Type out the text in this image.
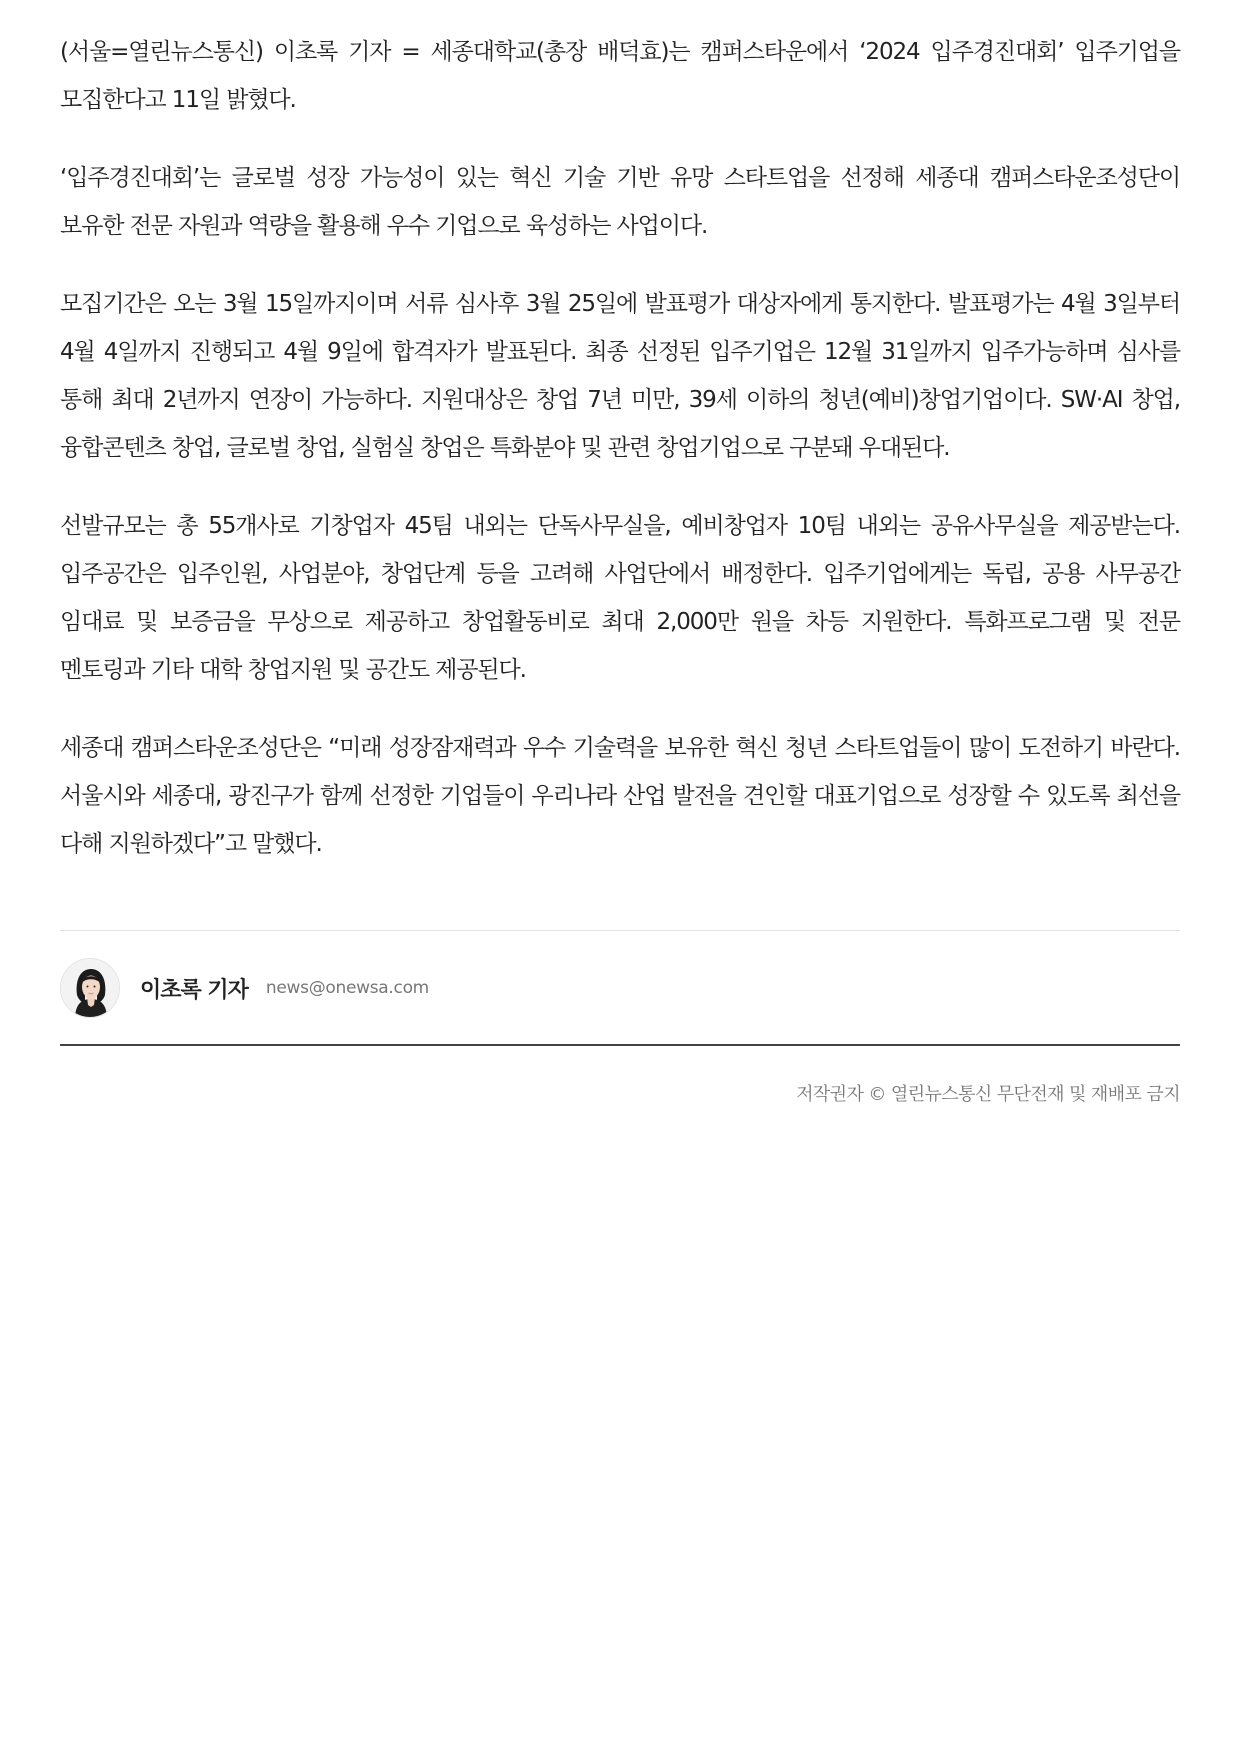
(서울=열린뉴스통신) 이초록 기자 = 세종대학교(총장 배덕효)는 캠퍼스타운에서 ‘2024 입주경진대회’ 입주기업을 모집한다고 11일 밝혔다.

‘입주경진대회’는 글로벌 성장 가능성이 있는 혁신 기술 기반 유망 스타트업을 선정해 세종대 캠퍼스타운조성단이 보유한 전문 자원과 역량을 활용해 우수 기업으로 육성하는 사업이다.

모집기간은 오는 3월 15일까지이며 서류 심사후 3월 25일에 발표평가 대상자에게 통지한다. 발표평가는 4월 3일부터 4월 4일까지 진행되고 4월 9일에 합격자가 발표된다. 최종 선정된 입주기업은 12월 31일까지 입주가능하며 심사를 통해 최대 2년까지 연장이 가능하다. 지원대상은 창업 7년 미만, 39세 이하의 청년(예비)창업기업이다. SW·AI 창업, 융합콘텐츠 창업, 글로벌 창업, 실험실 창업은 특화분야 및 관련 창업기업으로 구분돼 우대된다.

선발규모는 총 55개사로 기창업자 45팀 내외는 단독사무실을, 예비창업자 10팀 내외는 공유사무실을 제공받는다. 입주공간은 입주인원, 사업분야, 창업단계 등을 고려해 사업단에서 배정한다. 입주기업에게는 독립, 공용 사무공간 임대료 및 보증금을 무상으로 제공하고 창업활동비로 최대 2,000만 원을 차등 지원한다. 특화프로그램 및 전문 멘토링과 기타 대학 창업지원 및 공간도 제공된다.

세종대 캠퍼스타운조성단은 “미래 성장잠재력과 우수 기술력을 보유한 혁신 청년 스타트업들이 많이 도전하기 바란다. 서울시와 세종대, 광진구가 함께 선정한 기업들이 우리나라 산업 발전을 견인할 대표기업으로 성장할 수 있도록 최선을 다해 지원하겠다”고 말했다.

이초록 기자 news@onewsa.com
저작권자 © 열린뉴스통신 무단전재 및 재배포 금지
